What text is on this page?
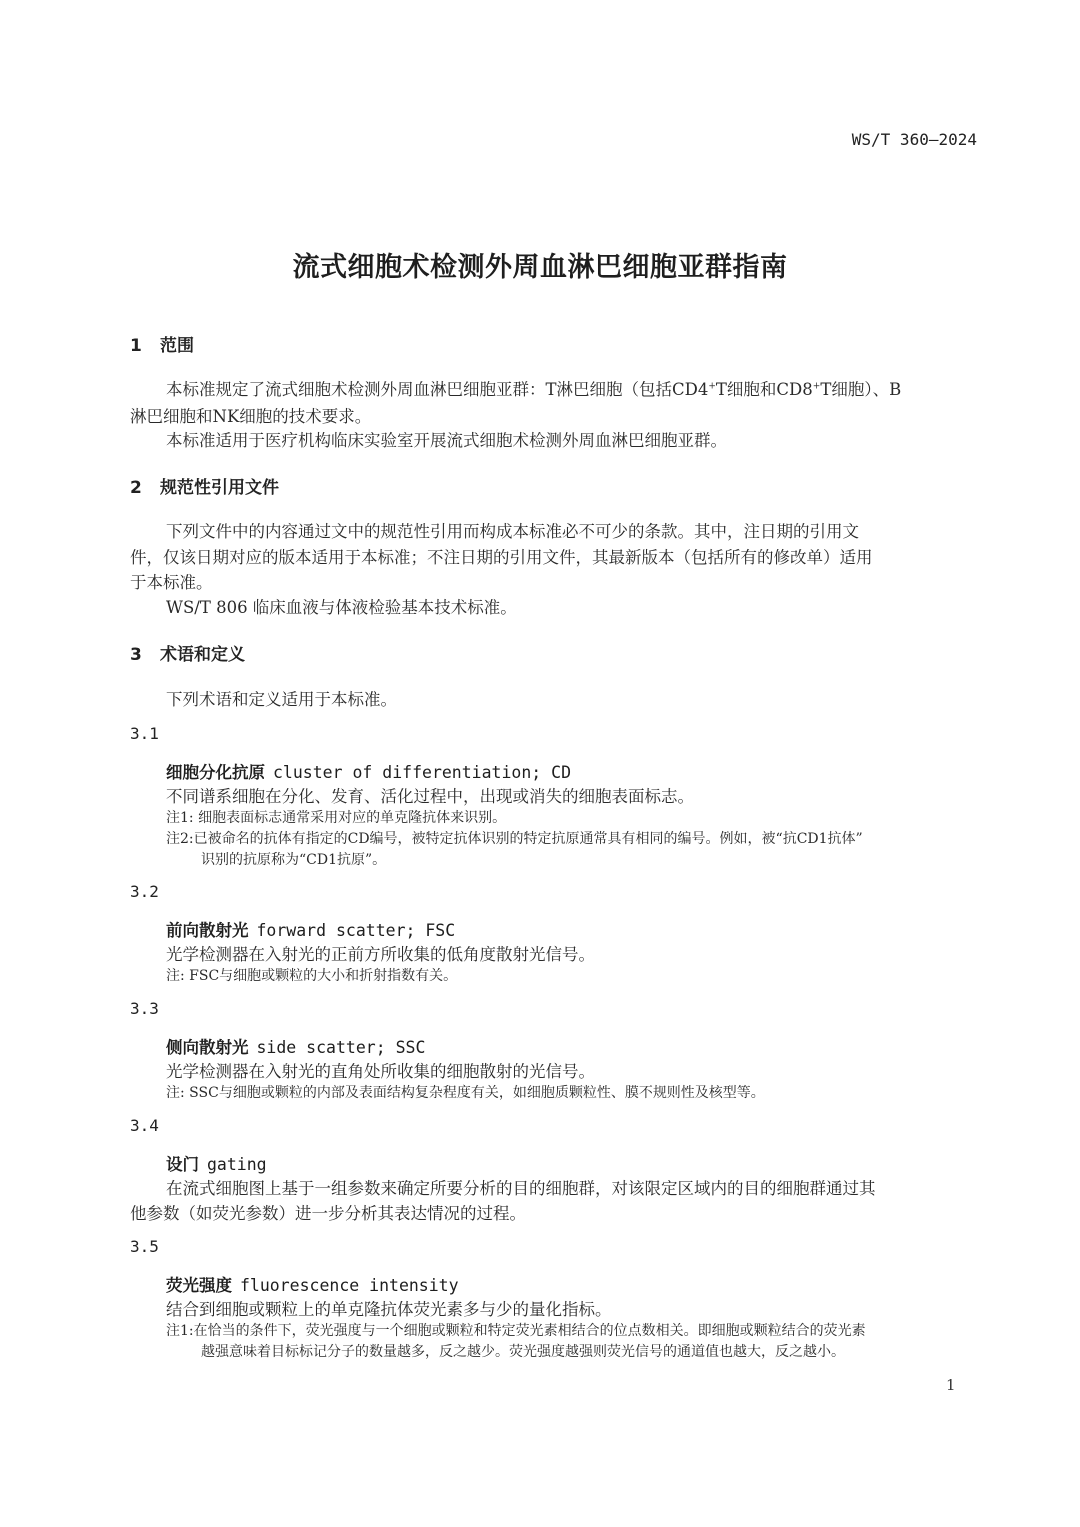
WS/T 360—2024
流式细胞术检测外周血淋巴细胞亚群指南
1 范围
本标准规定了流式细胞术检测外周血淋巴细胞亚群：T淋巴细胞（包括CD4+T细胞和CD8+T细胞）、B
淋巴细胞和NK细胞的技术要求。
本标准适用于医疗机构临床实验室开展流式细胞术检测外周血淋巴细胞亚群。
2 规范性引用文件
下列文件中的内容通过文中的规范性引用而构成本标准必不可少的条款。其中，注日期的引用文
件，仅该日期对应的版本适用于本标准；不注日期的引用文件，其最新版本（包括所有的修改单）适用
于本标准。
WS/T 806 临床血液与体液检验基本技术标准。
3 术语和定义
下列术语和定义适用于本标准。
3.1
细胞分化抗原 cluster of differentiation; CD
不同谱系细胞在分化、发育、活化过程中，出现或消失的细胞表面标志。
注1: 细胞表面标志通常采用对应的单克隆抗体来识别。
注2:已被命名的抗体有指定的CD编号，被特定抗体识别的特定抗原通常具有相同的编号。例如，被“抗CD1抗体”
识别的抗原称为“CD1抗原”。
3.2
前向散射光 forward scatter; FSC
光学检测器在入射光的正前方所收集的低角度散射光信号。
注: FSC与细胞或颗粒的大小和折射指数有关。
3.3
侧向散射光 side scatter; SSC
光学检测器在入射光的直角处所收集的细胞散射的光信号。
注: SSC与细胞或颗粒的内部及表面结构复杂程度有关，如细胞质颗粒性、膜不规则性及核型等。
3.4
设门 gating
在流式细胞图上基于一组参数来确定所要分析的目的细胞群，对该限定区域内的目的细胞群通过其
他参数（如荧光参数）进一步分析其表达情况的过程。
3.5
荧光强度 fluorescence intensity
结合到细胞或颗粒上的单克隆抗体荧光素多与少的量化指标。
注1:在恰当的条件下，荧光强度与一个细胞或颗粒和特定荧光素相结合的位点数相关。即细胞或颗粒结合的荧光素
越强意味着目标标记分子的数量越多，反之越少。荧光强度越强则荧光信号的通道值也越大，反之越小。
1
